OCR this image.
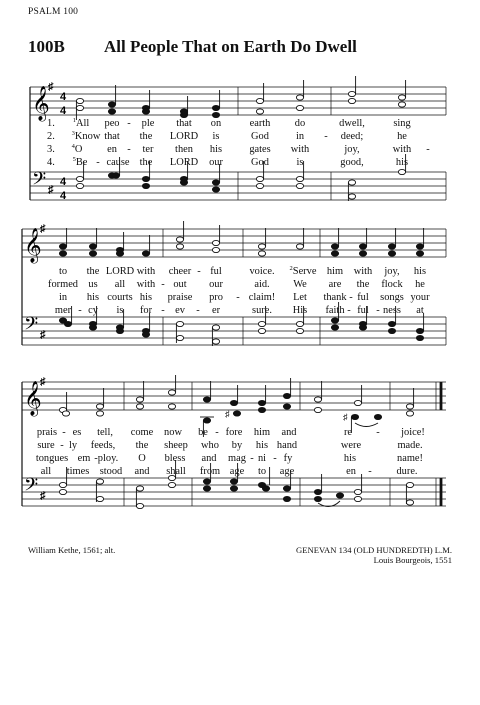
PSALM 100
100B All People That on Earth Do Dwell
𝄞
𝄢
♯
♯
4
4
4
4
1.	$^1$All peo - ple that on	earth do	dwell,	sing
2.	$^3$Know that the LORD is	God	in - deed;	he
3.	$^4$O en - ter then his	gates with	joy,	with -
4.	$^5$Be - cause the LORD our	God	is	good,	his
𝄞
𝄢
♯
♯
to the LORD with cheer - ful	voice. $^2$Serve him with joy, his
formed us all with - out our	aid. We are the flock he
in his courts his praise pro - claim! Let thank - ful songs your
mer - cy is for - ev - er	sure. His faith - ful - ness at
𝄞
𝄢
♯
♯
♯	♯
prais - es tell, come now be - fore him and	re - joice!
sure - ly feeds, the sheep who by his hand	were	made.
tongues em - ploy. O bless and mag - ni - fy	his	name!
all times stood and shall from age to age	en - dure.
William Kethe, 1561; alt.	GENEVAN 134 (OLD HUNDREDTH) L.M.
Louis Bourgeois, 1551
